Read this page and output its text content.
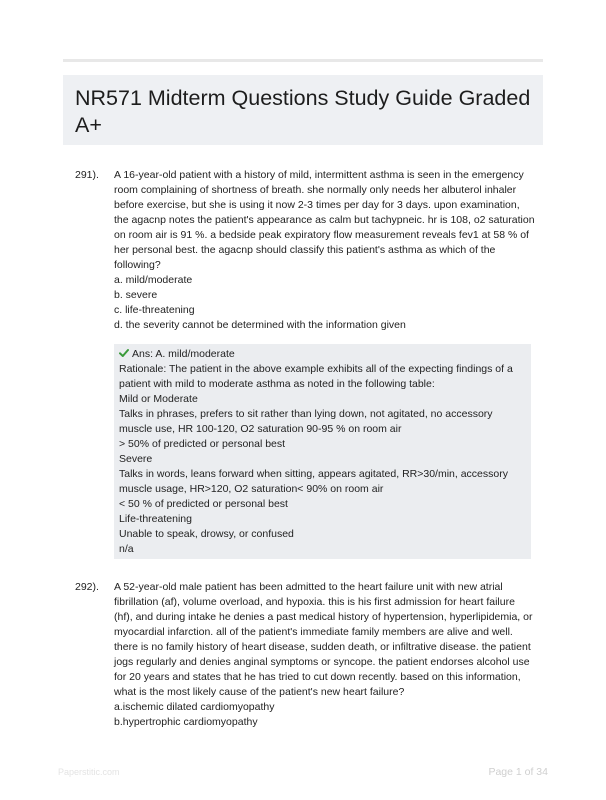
NR571 Midterm Questions Study Guide Graded A+
291). A 16-year-old patient with a history of mild, intermittent asthma is seen in the emergency room complaining of shortness of breath. she normally only needs her albuterol inhaler before exercise, but she is using it now 2-3 times per day for 3 days. upon examination, the agacnp notes the patient's appearance as calm but tachypneic. hr is 108, o2 saturation on room air is 91 %. a bedside peak expiratory flow measurement reveals fev1 at 58 % of her personal best. the agacnp should classify this patient's asthma as which of the following?

a. mild/moderate
b. severe
c. life-threatening
d. the severity cannot be determined with the information given
Ans: A. mild/moderate
Rationale: The patient in the above example exhibits all of the expecting findings of a patient with mild to moderate asthma as noted in the following table:
Mild or Moderate
Talks in phrases, prefers to sit rather than lying down, not agitated, no accessory muscle use, HR 100-120, O2 saturation 90-95 % on room air
> 50% of predicted or personal best
Severe
Talks in words, leans forward when sitting, appears agitated, RR>30/min, accessory muscle usage, HR>120, O2 saturation< 90% on room air
< 50 % of predicted or personal best
Life-threatening
Unable to speak, drowsy, or confused
n/a
292). A 52-year-old male patient has been admitted to the heart failure unit with new atrial fibrillation (af), volume overload, and hypoxia. this is his first admission for heart failure (hf), and during intake he denies a past medical history of hypertension, hyperlipidemia, or myocardial infarction. all of the patient's immediate family members are alive and well. there is no family history of heart disease, sudden death, or infiltrative disease. the patient jogs regularly and denies anginal symptoms or syncope. the patient endorses alcohol use for 20 years and states that he has tried to cut down recently. based on this information, what is the most likely cause of the patient's new heart failure?

a.ischemic dilated cardiomyopathy
b.hypertrophic cardiomyopathy
Paperstitic.com	Page 1 of 34
